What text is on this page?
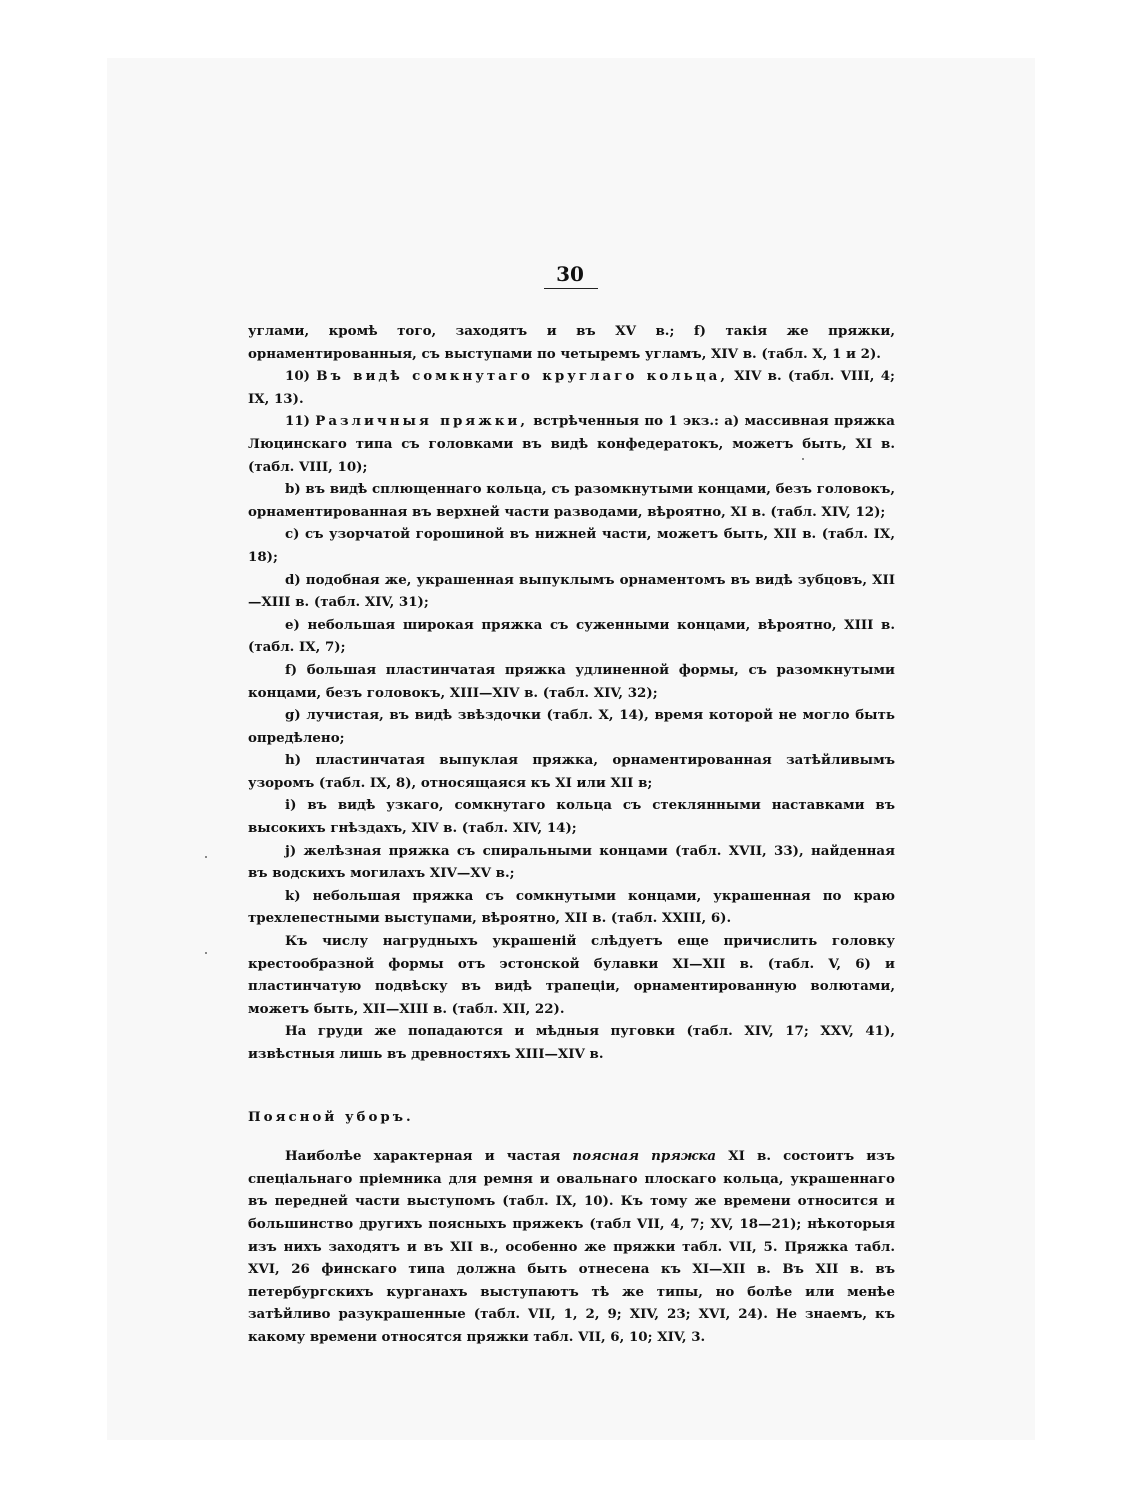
30

углами, кромѣ того, заходятъ и въ XV в.; f) такія же пряжки, орнаментированныя, съ выступами по четыремъ угламъ, XIV в. (табл. X, 1 и 2).

10) Въ видѣ сомкнутаго круглаго кольца, XIV в. (табл. VIII, 4; IX, 13).

11) Различныя пряжки, встрѣченныя по 1 экз.: a) массивная пряжка Люцинскаго типа съ головками въ видѣ конфедератокъ, можетъ быть, XI в. (табл. VIII, 10);

b) въ видѣ сплющеннаго кольца, съ разомкнутыми концами, безъ головокъ, орнаментированная въ верхней части разводами, вѣроятно, XI в. (табл. XIV, 12);

c) съ узорчатой горошиной въ нижней части, можетъ быть, XII в. (табл. IX, 18);

d) подобная же, украшенная выпуклымъ орнаментомъ въ видѣ зубцовъ, XII—XIII в. (табл. XIV, 31);

e) небольшая широкая пряжка съ суженными концами, вѣроятно, XIII в. (табл. IX, 7);

f) большая пластинчатая пряжка удлиненной формы, съ разомкнутыми концами, безъ головокъ, XIII—XIV в. (табл. XIV, 32);

g) лучистая, въ видѣ звѣздочки (табл. X, 14), время которой не могло быть опредѣлено;

h) пластинчатая выпуклая пряжка, орнаментированная затѣйливымъ узоромъ (табл. IX, 8), относящаяся къ XI или XII в;

i) въ видѣ узкаго, сомкнутаго кольца съ стеклянными наставками въ высокихъ гнѣздахъ, XIV в. (табл. XIV, 14);

j) желѣзная пряжка съ спиральными концами (табл. XVII, 33), найденная въ водскихъ могилахъ XIV—XV в.;

k) небольшая пряжка съ сомкнутыми концами, украшенная по краю трехлепестными выступами, вѣроятно, XII в. (табл. XXIII, 6).

Къ числу нагрудныхъ украшеній слѣдуетъ еще причислить головку крестообразной формы отъ эстонской булавки XI—XII в. (табл. V, 6) и пластинчатую подвѣску въ видѣ трапеціи, орнаментированную волютами, можетъ быть, XII—XIII в. (табл. XII, 22).

На груди же попадаются и мѣдныя пуговки (табл. XIV, 17; XXV, 41), извѣстныя лишь въ древностяхъ XIII—XIV в.

Поясной уборъ.

Наиболѣе характерная и частая поясная пряжка XI в. состоитъ изъ спеціальнаго пріемника для ремня и овальнаго плоскаго кольца, украшеннаго въ передней части выступомъ (табл. IX, 10). Къ тому же времени относится и большинство другихъ поясныхъ пряжекъ (табл VII, 4, 7; XV, 18—21); нѣкоторыя изъ нихъ заходятъ и въ XII в., особенно же пряжки табл. VII, 5. Пряжка табл. XVI, 26 финскаго типа должна быть отнесена къ XI—XII в. Въ XII в. въ петербургскихъ курганахъ выступаютъ тѣ же типы, но болѣе или менѣе затѣйливо разукрашенные (табл. VII, 1, 2, 9; XIV, 23; XVI, 24). Не знаемъ, къ какому времени относятся пряжки табл. VII, 6, 10; XIV, 3.
